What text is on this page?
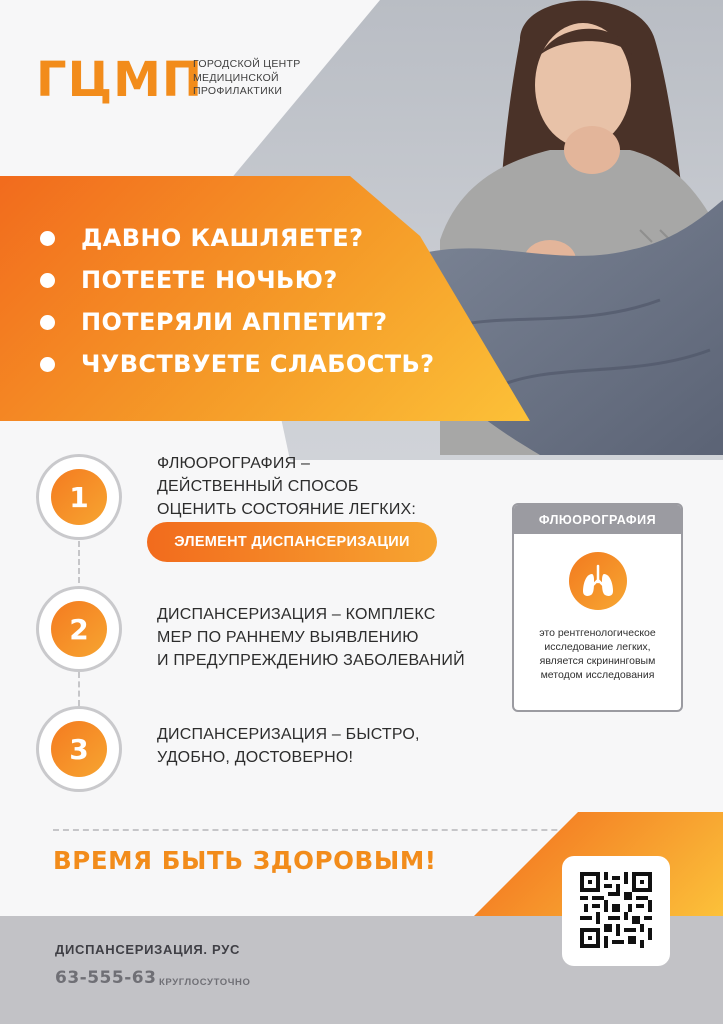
ГЦМП
ГОРОДСКОЙ ЦЕНТР
МЕДИЦИНСКОЙ
ПРОФИЛАКТИКИ
ДАВНО КАШЛЯЕТЕ?
ПОТЕЕТЕ НОЧЬЮ?
ПОТЕРЯЛИ АППЕТИТ?
ЧУВСТВУЕТЕ СЛАБОСТЬ?
1
ФЛЮОРОГРАФИЯ –
ДЕЙСТВЕННЫЙ СПОСОБ
ОЦЕНИТЬ СОСТОЯНИЕ ЛЕГКИХ:
ЭЛЕМЕНТ ДИСПАНСЕРИЗАЦИИ
2	ДИСПАНСЕРИЗАЦИЯ – КОМПЛЕКС
МЕР ПО РАННЕМУ ВЫЯВЛЕНИЮ
И ПРЕДУПРЕЖДЕНИЮ ЗАБОЛЕВАНИЙ
3	ДИСПАНСЕРИЗАЦИЯ – БЫСТРО,
УДОБНО, ДОСТОВЕРНО!
ФЛЮОРОГРАФИЯ
это рентгенологическое
исследование легких,
является скрининговым
методом исследования
ВРЕМЯ БЫТЬ ЗДОРОВЫМ!
ДИСПАНСЕРИЗАЦИЯ. РУС
63-555-63 КРУГЛОСУТОЧНО
